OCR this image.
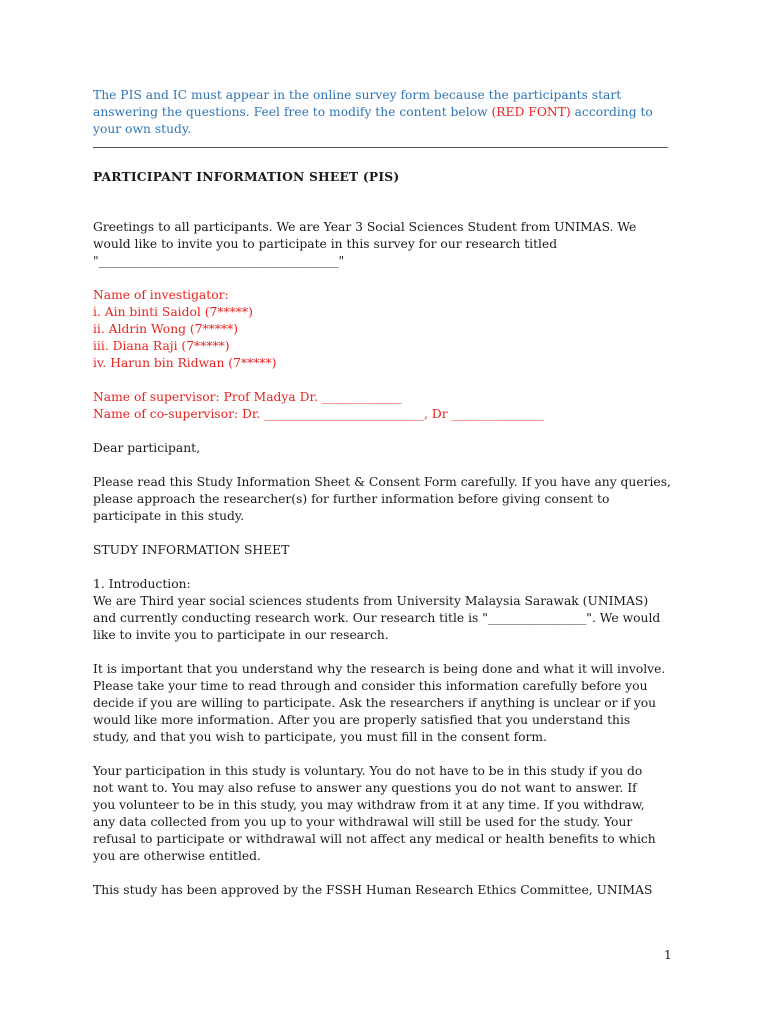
The PIS and IC must appear in the online survey form because the participants start
answering the questions. Feel free to modify the content below (RED FONT) according to
your own study.
PARTICIPANT INFORMATION SHEET (PIS)
Greetings to all participants. We are Year 3 Social Sciences Student from UNIMAS. We
would like to invite you to participate in this survey for our research titled
"_______________________________________"
Name of investigator:
i. Ain binti Saidol (7*****)
ii. Aldrin Wong (7*****)
iii. Diana Raji (7*****)
iv. Harun bin Ridwan (7*****)
Name of supervisor: Prof Madya Dr. _____________
Name of co-supervisor: Dr. __________________________, Dr _______________
Dear participant,
Please read this Study Information Sheet & Consent Form carefully. If you have any queries,
please approach the researcher(s) for further information before giving consent to
participate in this study.
STUDY INFORMATION SHEET
1. Introduction:
We are Third year social sciences students from University Malaysia Sarawak (UNIMAS)
and currently conducting research work. Our research title is "________________". We would
like to invite you to participate in our research.
It is important that you understand why the research is being done and what it will involve.
Please take your time to read through and consider this information carefully before you
decide if you are willing to participate. Ask the researchers if anything is unclear or if you
would like more information. After you are properly satisfied that you understand this
study, and that you wish to participate, you must fill in the consent form.
Your participation in this study is voluntary. You do not have to be in this study if you do
not want to. You may also refuse to answer any questions you do not want to answer. If
you volunteer to be in this study, you may withdraw from it at any time. If you withdraw,
any data collected from you up to your withdrawal will still be used for the study. Your
refusal to participate or withdrawal will not affect any medical or health benefits to which
you are otherwise entitled.
This study has been approved by the FSSH Human Research Ethics Committee, UNIMAS
1
